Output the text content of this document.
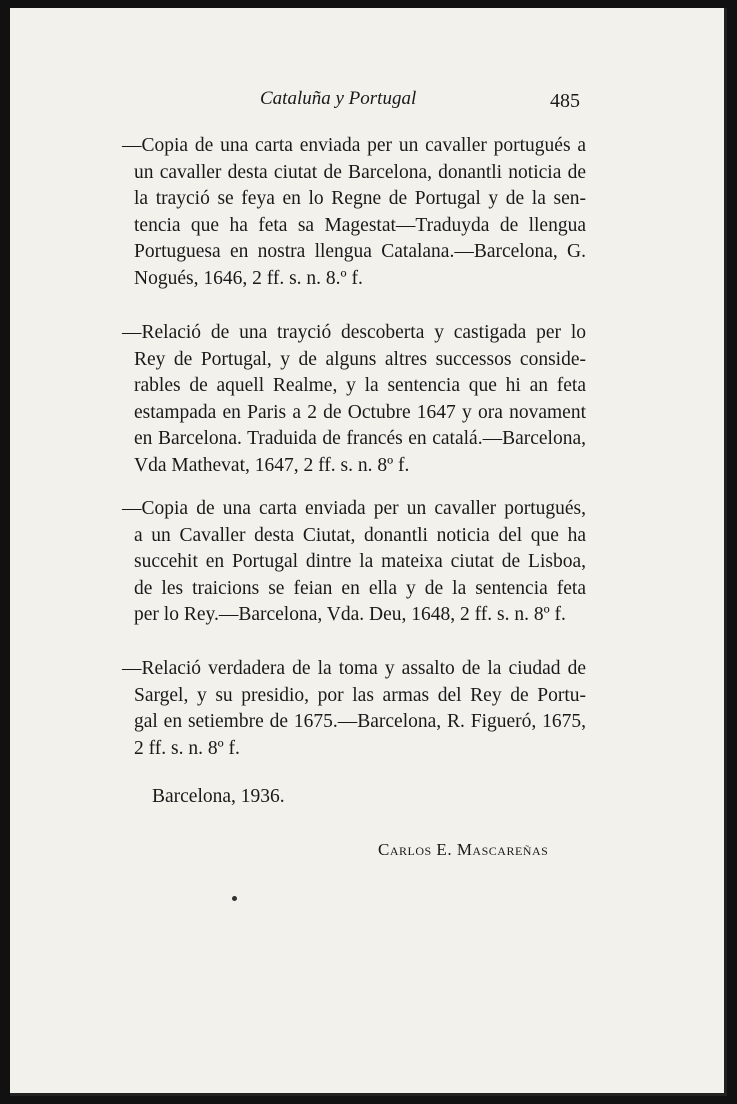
Cataluña y Portugal	485
—Copia de una carta enviada per un cavaller portugués a
un cavaller desta ciutat de Barcelona, donantli noticia de
la trayció se feya en lo Regne de Portugal y de la sen-
tencia que ha feta sa Magestat—Traduyda de llengua
Portuguesa en nostra llengua Catalana.—Barcelona, G.
Nogués, 1646, 2 ff. s. n. 8.º f.
—Relació de una trayció descoberta y castigada per lo
Rey de Portugal, y de alguns altres successos conside-
rables de aquell Realme, y la sentencia que hi an feta
estampada en Paris a 2 de Octubre 1647 y ora novament
en Barcelona. Traduida de francés en catalá.—Barcelona,
Vda Mathevat, 1647, 2 ff. s. n. 8º f.
—Copia de una carta enviada per un cavaller portugués,
a un Cavaller desta Ciutat, donantli noticia del que ha
succehit en Portugal dintre la mateixa ciutat de Lisboa,
de les traicions se feian en ella y de la sentencia feta
per lo Rey.—Barcelona, Vda. Deu, 1648, 2 ff. s. n. 8º f.
—Relació verdadera de la toma y assalto de la ciudad de
Sargel, y su presidio, por las armas del Rey de Portu-
gal en setiembre de 1675.—Barcelona, R. Figueró, 1675,
2 ff. s. n. 8º f.
Barcelona, 1936.
Carlos E. Mascareñas
